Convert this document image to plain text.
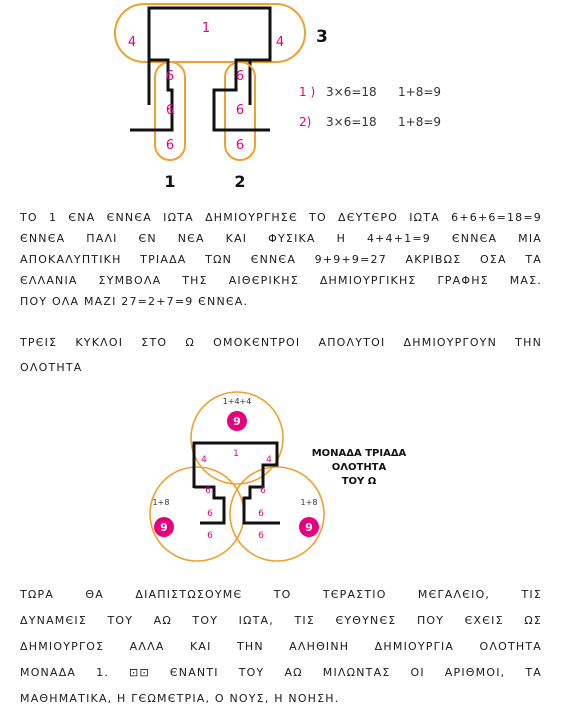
1
4	4 3
6
6
6
6
6
6
1	2
1 ) 3×6=18 1+8=9
2) 3×6=18 1+8=9
ΤΟ 1 ЄΝΑ ЄΝΝЄΑ ΙΩΤΑ ΔΗΜΙΟΥΡΓΗΣЄ ΤΟ ΔЄΥΤЄΡΟ ΙΩΤΑ 6+6+6=18=9
ЄΝΝЄΑ ΠΑΛΙ ЄΝ ΝЄΑ ΚΑΙ ΦΥΣΙΚΑ Η 4+4+1=9 ЄΝΝЄΑ ΜΙΑ
ΑΠΟΚΑΛΥΠΤΙΚΗ ΤΡΙΑΔΑ ΤΩΝ ЄΝΝЄΑ 9+9+9=27 ΑΚΡΙΒΩΣ ΟΣΑ ΤΑ
ЄΛΛΑΝΙΑ ΣΥΜΒΟΛΑ ΤΗΣ ΑΙΘЄΡΙΚΗΣ ΔΗΜΙΟΥΡΓΙΚΗΣ ΓΡΑΦΗΣ ΜΑΣ.
ΠΟΥ ΟΛΑ ΜΑΖΙ 27=2+7=9 ЄΝΝЄΑ.
ΤΡЄΙΣ ΚΥΚΛΟΙ ΣΤΟ Ω ΟΜΟΚЄΝΤΡΟΙ ΑΠΟΛΥΤΟΙ ΔΗΜΙΟΥΡΓΟΥΝ ΤΗΝ
ΟΛΟΤΗΤΑ
1+4+4
9
1+8
9
1+8
9
1
4	4
6
6
6
6
6
6
ΜΟΝΑΔΑ ΤΡΙΑΔΑ
ΟΛΟΤΗΤΑ
ΤΟΥ Ω
ΤΩΡΑ ΘΑ ΔΙΑΠΙΣΤΩΣΟΥΜЄ ΤΟ ΤЄΡΑΣΤΙΟ ΜЄΓΑΛЄΙΟ, ΤΙΣ
ΔΥΝΑΜЄΙΣ ΤΟΥ ΑΩ ΤΟΥ ΙΩΤΑ, ΤΙΣ ЄΥΘΥΝЄΣ ΠΟΥ ЄΧЄΙΣ ΩΣ
ΔΗΜΙΟΥΡΓΟΣ ΑΛΛΑ ΚΑΙ ΤΗΝ ΑΛΗΘΙΝΗ ΔΗΜΙΟΥΡΓΙΑ ΟΛΟΤΗΤΑ
ΜΟΝΑΔΑ 1. ⊡⊡ ЄΝΑΝΤΙ ΤΟΥ ΑΩ ΜΙΛΩΝΤΑΣ ΟΙ ΑΡΙΘΜΟΙ, ΤΑ
ΜΑΘΗΜΑΤΙΚΑ, Η ΓЄΩΜЄΤΡΙΑ, Ο ΝΟΥΣ, Η ΝΟΗΣΗ.
